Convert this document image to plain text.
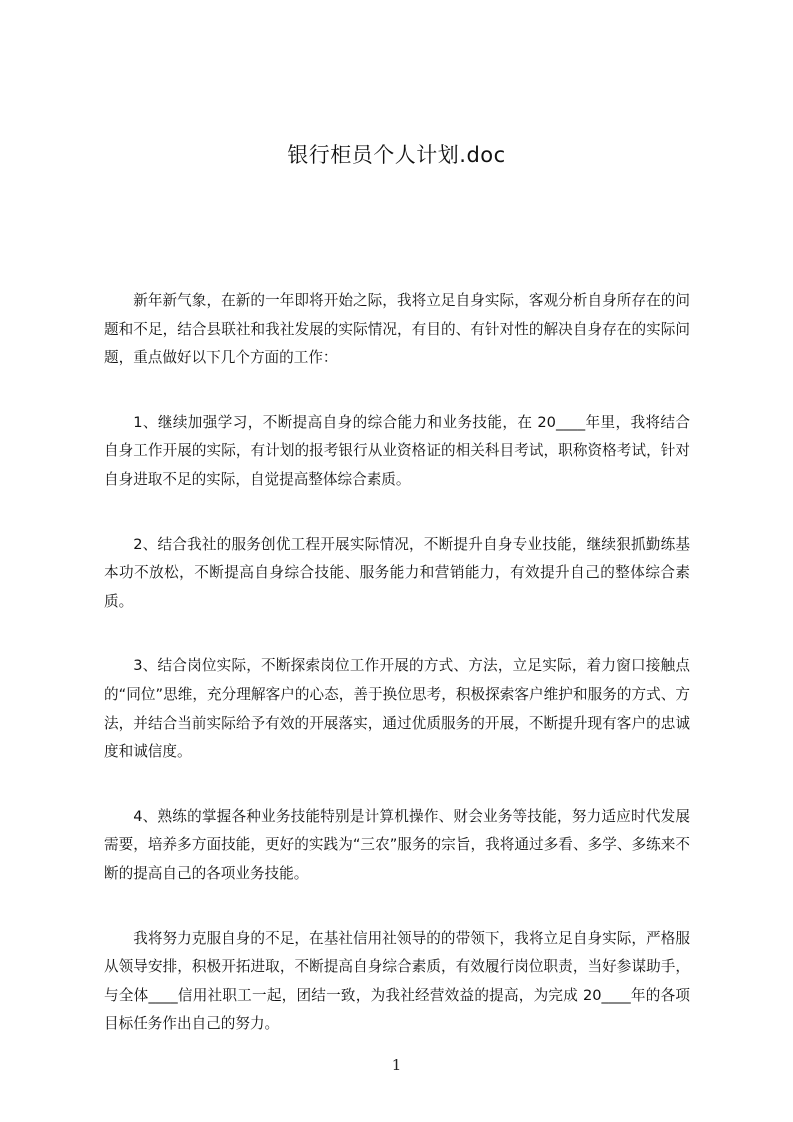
银行柜员个人计划.doc

新年新气象，在新的一年即将开始之际，我将立足自身实际，客观分析自身所存在的问题和不足，结合县联社和我社发展的实际情况，有目的、有针对性的解决自身存在的实际问题，重点做好以下几个方面的工作：

1、继续加强学习，不断提高自身的综合能力和业务技能，在 20____年里，我将结合自身工作开展的实际，有计划的报考银行从业资格证的相关科目考试，职称资格考试，针对自身进取不足的实际，自觉提高整体综合素质。

2、结合我社的服务创优工程开展实际情况，不断提升自身专业技能，继续狠抓勤练基本功不放松，不断提高自身综合技能、服务能力和营销能力，有效提升自己的整体综合素质。

3、结合岗位实际，不断探索岗位工作开展的方式、方法，立足实际，着力窗口接触点的“同位”思维，充分理解客户的心态，善于换位思考，积极探索客户维护和服务的方式、方法，并结合当前实际给予有效的开展落实，通过优质服务的开展，不断提升现有客户的忠诚度和诚信度。

4、熟练的掌握各种业务技能特别是计算机操作、财会业务等技能，努力适应时代发展需要，培养多方面技能，更好的实践为“三农”服务的宗旨，我将通过多看、多学、多练来不断的提高自己的各项业务技能。

我将努力克服自身的不足，在基社信用社领导的的带领下，我将立足自身实际，严格服从领导安排，积极开拓进取，不断提高自身综合素质，有效履行岗位职责，当好参谋助手，与全体____信用社职工一起，团结一致，为我社经营效益的提高，为完成 20____年的各项目标任务作出自己的努力。

1
